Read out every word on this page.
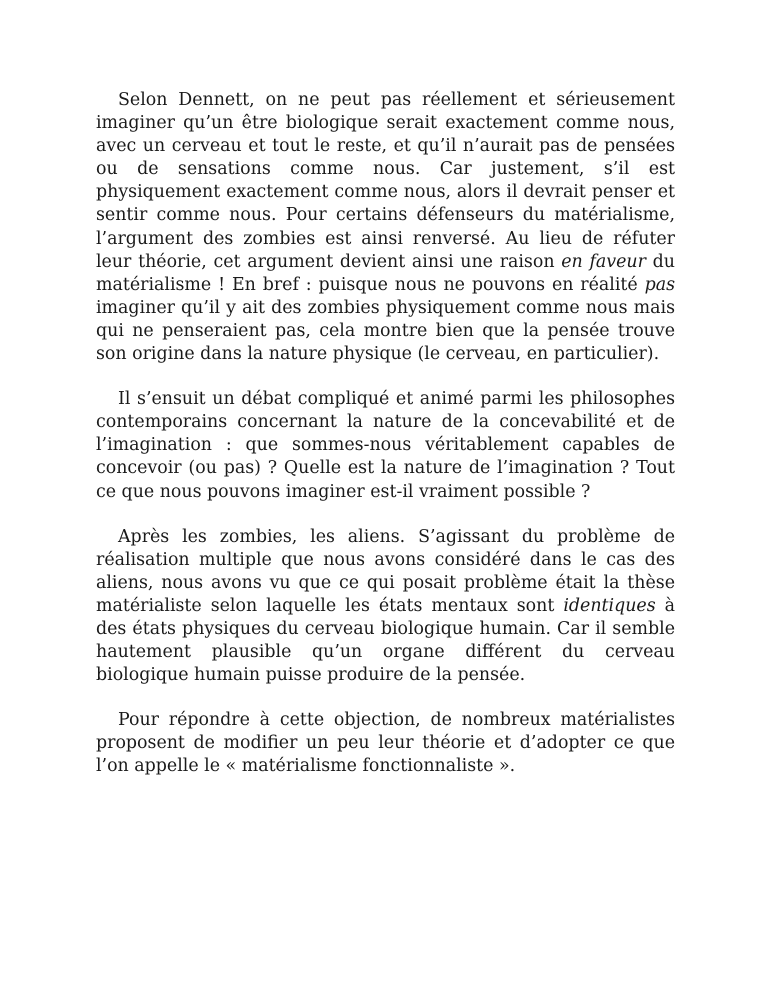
Selon Dennett, on ne peut pas réellement et sérieusement imaginer qu’un être biologique serait exactement comme nous, avec un cerveau et tout le reste, et qu’il n’aurait pas de pensées ou de sensations comme nous. Car justement, s’il est physiquement exactement comme nous, alors il devrait penser et sentir comme nous. Pour certains défenseurs du matérialisme, l’argument des zombies est ainsi renversé. Au lieu de réfuter leur théorie, cet argument devient ainsi une raison en faveur du matérialisme ! En bref : puisque nous ne pouvons en réalité pas imaginer qu’il y ait des zombies physiquement comme nous mais qui ne penseraient pas, cela montre bien que la pensée trouve son origine dans la nature physique (le cerveau, en particulier).

Il s’ensuit un débat compliqué et animé parmi les philosophes contemporains concernant la nature de la concevabilité et de l’imagination : que sommes-nous véritablement capables de concevoir (ou pas) ? Quelle est la nature de l’imagination ? Tout ce que nous pouvons imaginer est-il vraiment possible ?

Après les zombies, les aliens. S’agissant du problème de réalisation multiple que nous avons considéré dans le cas des aliens, nous avons vu que ce qui posait problème était la thèse matérialiste selon laquelle les états mentaux sont identiques à des états physiques du cerveau biologique humain. Car il semble hautement plausible qu’un organe différent du cerveau biologique humain puisse produire de la pensée.

Pour répondre à cette objection, de nombreux matérialistes proposent de modifier un peu leur théorie et d’adopter ce que l’on appelle le « matérialisme fonctionnaliste ».
